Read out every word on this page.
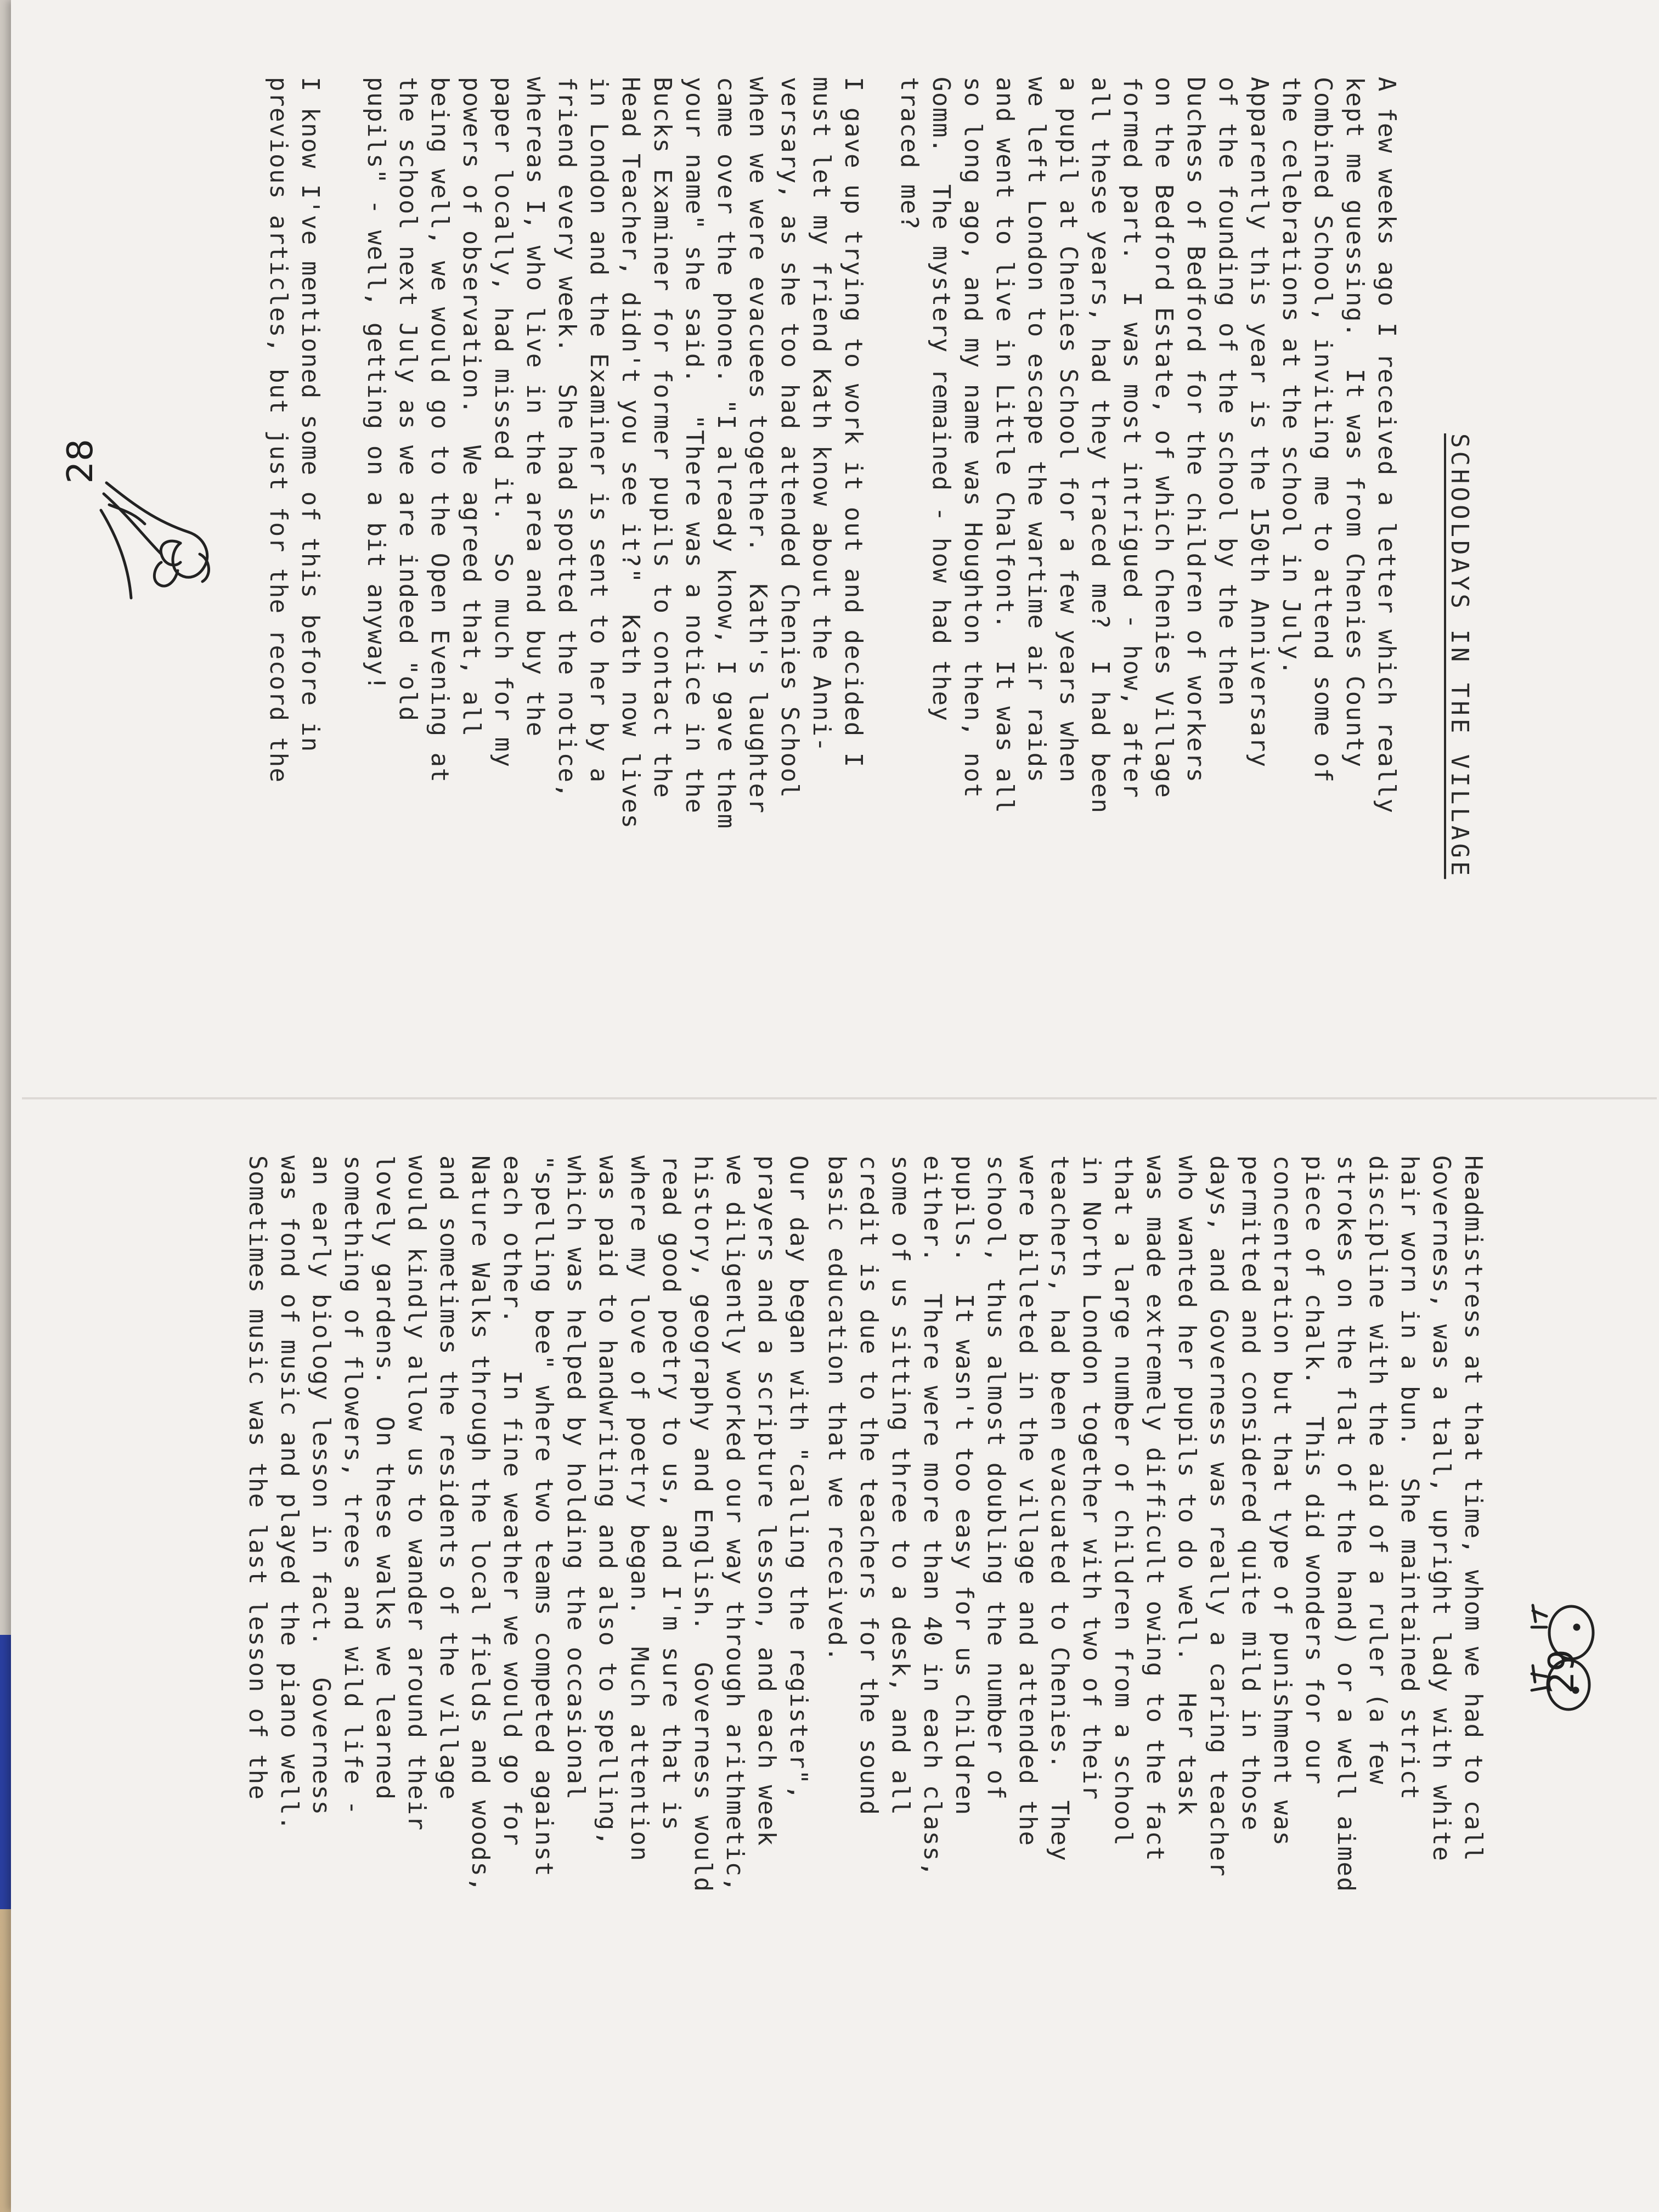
SCHOOLDAYS IN THE VILLAGE
A few weeks ago I received a letter which really
kept me guessing.  It was from Chenies County
Combined School, inviting me to attend some of
the celebrations at the school in July.
Apparently this year is the 150th Anniversary
of the founding of the school by the then
Duchess of Bedford for the children of workers
on the Bedford Estate, of which Chenies Village
formed part.  I was most intrigued - how, after
all these years, had they traced me?  I had been
a pupil at Chenies School for a few years when
we left London to escape the wartime air raids
and went to live in Little Chalfont.  It was all
so long ago, and my name was Houghton then, not
Gomm.  The mystery remained - how had they
traced me?
I gave up trying to work it out and decided I
must let my friend Kath know about the Anni-
versary, as she too had attended Chenies School
when we were evacuees together.  Kath's laughter
came over the phone. "I already know, I gave them
your name" she said.  "There was a notice in the
Bucks Examiner for former pupils to contact the
Head Teacher, didn't you see it?"  Kath now lives
in London and the Examiner is sent to her by a
friend every week.  She had spotted the notice,
whereas I, who live in the area and buy the
paper locally, had missed it.  So much for my
powers of observation.  We agreed that, all
being well, we would go to the Open Evening at
the school next July as we are indeed "old
pupils" - well, getting on a bit anyway!
I know I've mentioned some of this before in
previous articles, but just for the record the
28
Headmistress at that time, whom we had to call
Governess, was a tall, upright lady with white
hair worn in a bun.  She maintained strict
discipline with the aid of a ruler (a few
strokes on the flat of the hand) or a well aimed
piece of chalk.  This did wonders for our
concentration but that type of punishment was
permitted and considered quite mild in those
days, and Governess was really a caring teacher
who wanted her pupils to do well.  Her task
was made extremely difficult owing to the fact
that a large number of children from a school
in North London together with two of their
teachers, had been evacuated to Chenies.  They
were billeted in the village and attended the
school, thus almost doubling the number of
pupils.  It wasn't too easy for us children
either.  There were more than 40 in each class,
some of us sitting three to a desk, and all
credit is due to the teachers for the sound
basic education that we received.
Our day began with "calling the register",
prayers and a scripture lesson, and each week
we diligently worked our way through arithmetic,
history, geography and English.  Governess would
read good poetry to us, and I'm sure that is
where my love of poetry began.  Much attention
was paid to handwriting and also to spelling,
which was helped by holding the occasional
"spelling bee" where two teams competed against
each other.   In fine weather we would go for
Nature Walks through the local fields and woods,
and sometimes the residents of the village
would kindly allow us to wander around their
lovely gardens.  On these walks we learned
something of flowers, trees and wild life -
an early biology lesson in fact.  Governess
was fond of music and played the piano well.
Sometimes music was the last lesson of the	29
